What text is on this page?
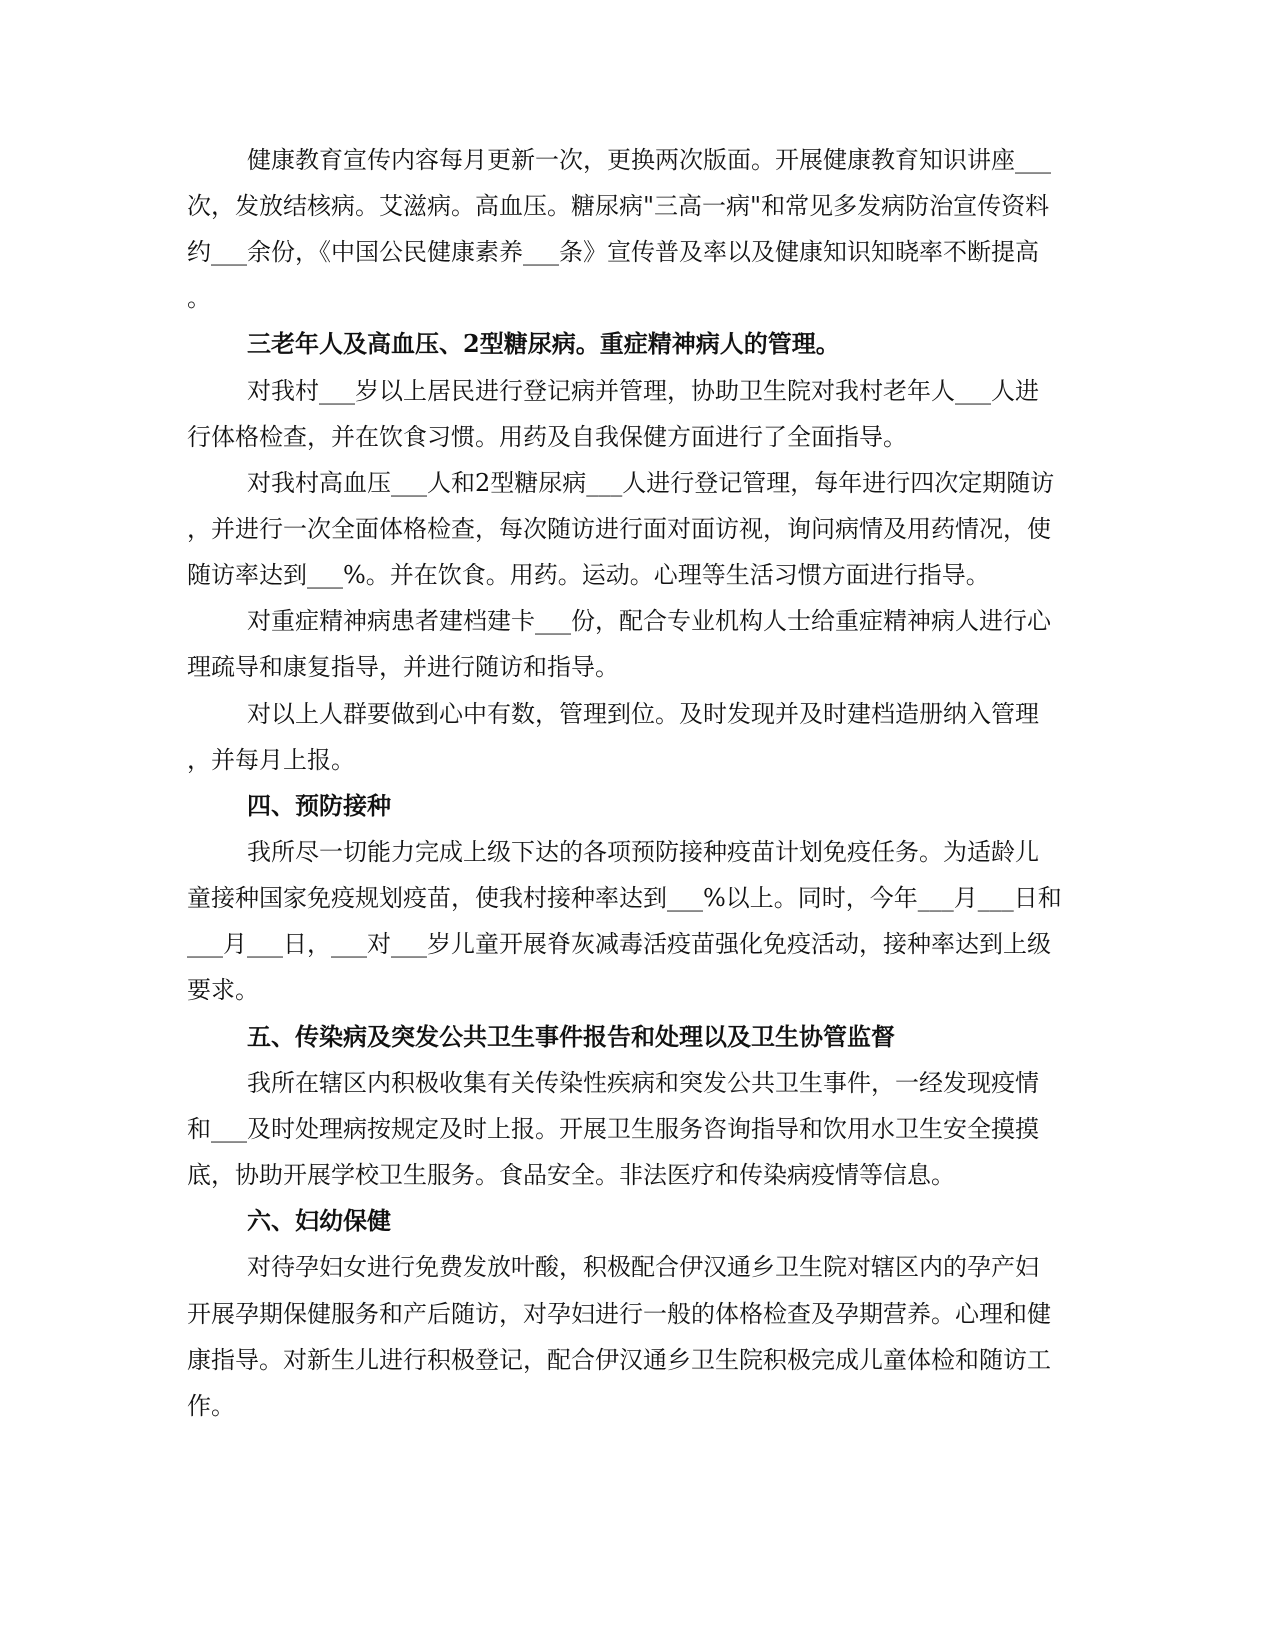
健康教育宣传内容每月更新一次，更换两次版面。开展健康教育知识讲座___
次，发放结核病。艾滋病。高血压。糖尿病"三高一病"和常见多发病防治宣传资料
约___余份，《中国公民健康素养___条》宣传普及率以及健康知识知晓率不断提高
。
三老年人及高血压、2型糖尿病。重症精神病人的管理。
对我村___岁以上居民进行登记病并管理，协助卫生院对我村老年人___人进
行体格检查，并在饮食习惯。用药及自我保健方面进行了全面指导。
对我村高血压___人和2型糖尿病___人进行登记管理，每年进行四次定期随访
，并进行一次全面体格检查，每次随访进行面对面访视，询问病情及用药情况，使
随访率达到___%。并在饮食。用药。运动。心理等生活习惯方面进行指导。
对重症精神病患者建档建卡___份，配合专业机构人士给重症精神病人进行心
理疏导和康复指导，并进行随访和指导。
对以上人群要做到心中有数，管理到位。及时发现并及时建档造册纳入管理
，并每月上报。
四、预防接种
我所尽一切能力完成上级下达的各项预防接种疫苗计划免疫任务。为适龄儿
童接种国家免疫规划疫苗，使我村接种率达到___%以上。同时，今年___月___日和
___月___日，___对___岁儿童开展脊灰减毒活疫苗强化免疫活动，接种率达到上级
要求。
五、传染病及突发公共卫生事件报告和处理以及卫生协管监督
我所在辖区内积极收集有关传染性疾病和突发公共卫生事件，一经发现疫情
和___及时处理病按规定及时上报。开展卫生服务咨询指导和饮用水卫生安全摸摸
底，协助开展学校卫生服务。食品安全。非法医疗和传染病疫情等信息。
六、妇幼保健
对待孕妇女进行免费发放叶酸，积极配合伊汉通乡卫生院对辖区内的孕产妇
开展孕期保健服务和产后随访，对孕妇进行一般的体格检查及孕期营养。心理和健
康指导。对新生儿进行积极登记，配合伊汉通乡卫生院积极完成儿童体检和随访工
作。
